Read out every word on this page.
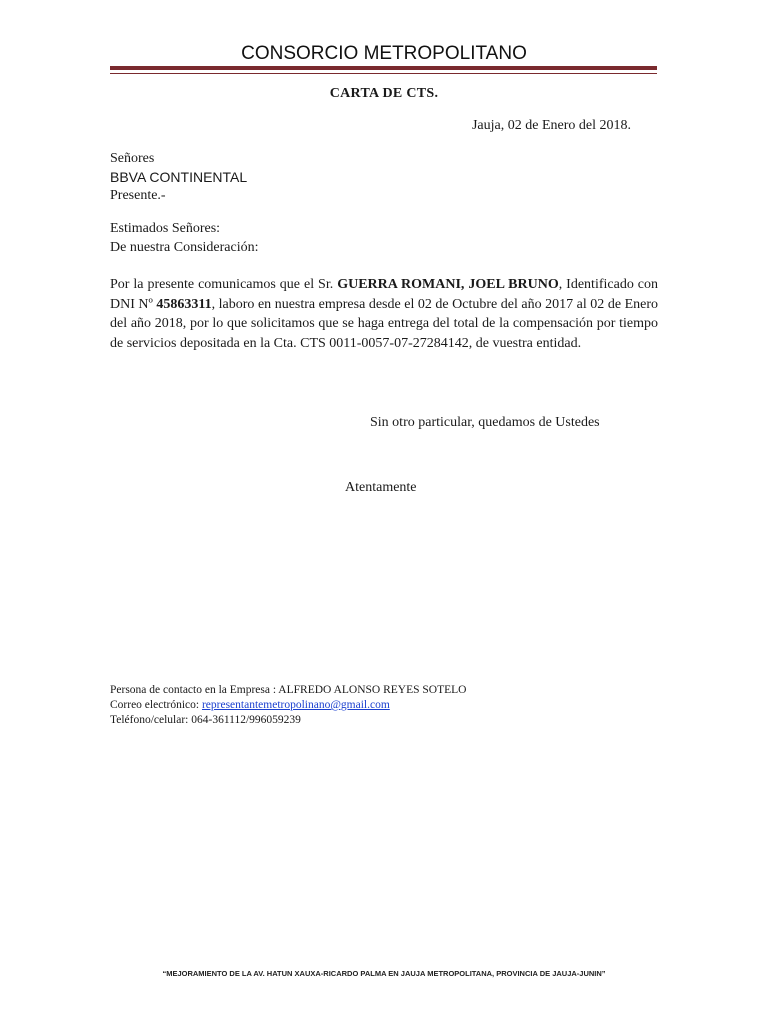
CONSORCIO METROPOLITANO
CARTA DE CTS.
Jauja, 02 de Enero del 2018.
Señores
BBVA CONTINENTAL
Presente.-
Estimados Señores:
De nuestra Consideración:
Por la presente comunicamos que el Sr. GUERRA ROMANI, JOEL BRUNO, Identificado con DNI Nº 45863311, laboro en nuestra empresa desde el 02 de Octubre del año 2017 al 02 de Enero del año 2018, por lo que solicitamos que se haga entrega del total de la compensación por tiempo de servicios depositada en la Cta. CTS 0011-0057-07-27284142, de vuestra entidad.
Sin otro particular, quedamos de Ustedes
Atentamente
Persona de contacto en la Empresa : ALFREDO ALONSO REYES SOTELO
Correo electrónico: representantemetropolinano@gmail.com
Teléfono/celular: 064-361112/996059239
“MEJORAMIENTO DE LA AV. HATUN XAUXA-RICARDO PALMA EN JAUJA METROPOLITANA, PROVINCIA DE JAUJA-JUNIN”
